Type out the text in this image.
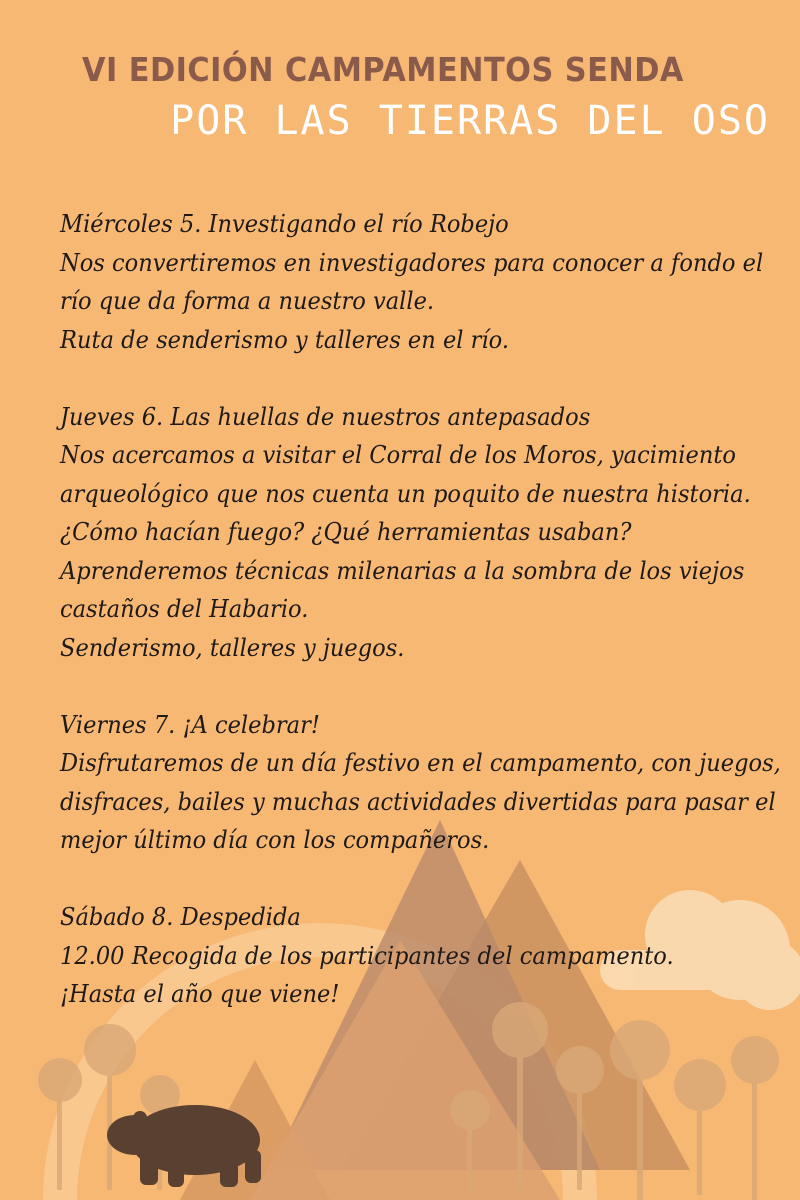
VI EDICIÓN CAMPAMENTOS SENDA
POR LAS TIERRAS DEL OSO
Miércoles 5. Investigando el río Robejo
Nos convertiremos en investigadores para conocer a fondo el
río que da forma a nuestro valle.
Ruta de senderismo y talleres en el río.
Jueves 6. Las huellas de nuestros antepasados
Nos acercamos a visitar el Corral de los Moros, yacimiento
arqueológico que nos cuenta un poquito de nuestra historia.
¿Cómo hacían fuego? ¿Qué herramientas usaban?
Aprenderemos técnicas milenarias a la sombra de los viejos
castaños del Habario.
Senderismo, talleres y juegos.
Viernes 7. ¡A celebrar!
Disfrutaremos de un día festivo en el campamento, con juegos,
disfraces, bailes y muchas actividades divertidas para pasar el
mejor último día con los compañeros.
Sábado 8. Despedida
12.00 Recogida de los participantes del campamento.
¡Hasta el año que viene!
